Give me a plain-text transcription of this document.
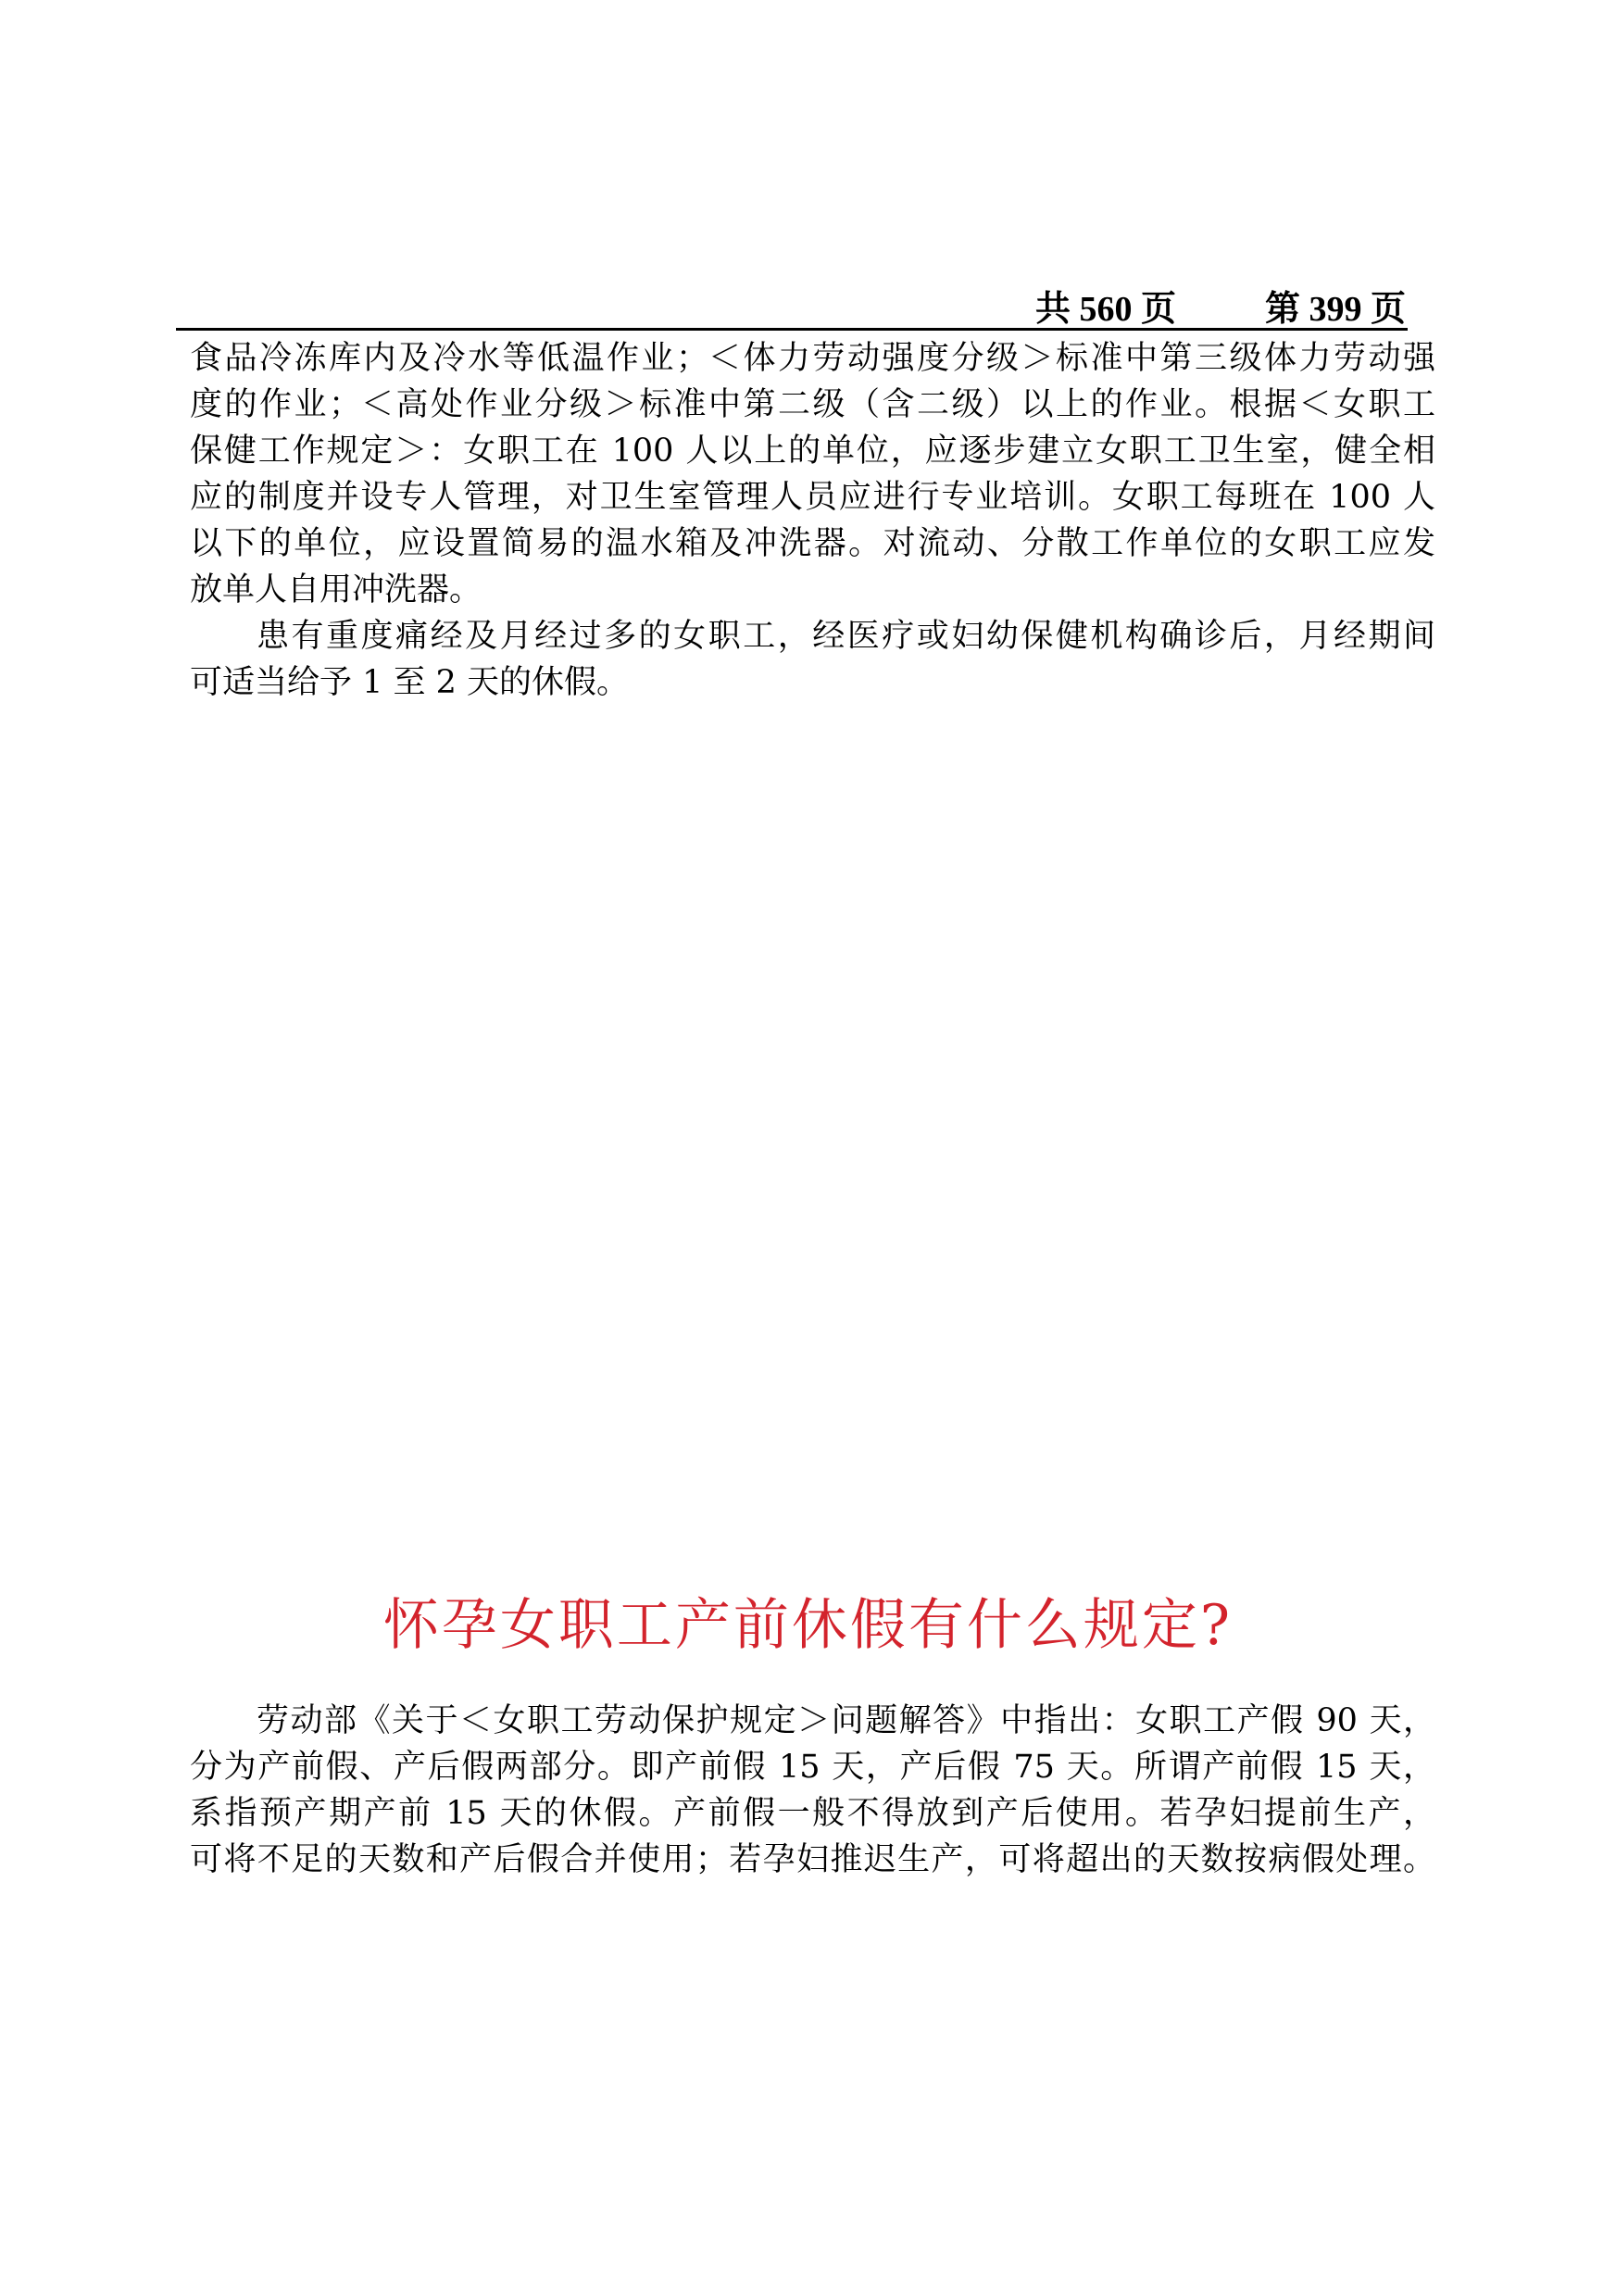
共 560 页	第 399 页
食品冷冻库内及冷水等低温作业；＜体力劳动强度分级＞标准中第三级体力劳动强
度的作业；＜高处作业分级＞标准中第二级（含二级）以上的作业。根据＜女职工
保健工作规定＞：女职工在 100 人以上的单位，应逐步建立女职工卫生室，健全相
应的制度并设专人管理，对卫生室管理人员应进行专业培训。女职工每班在 100 人
以下的单位，应设置简易的温水箱及冲洗器。对流动、分散工作单位的女职工应发
放单人自用冲洗器。
患有重度痛经及月经过多的女职工，经医疗或妇幼保健机构确诊后，月经期间
可适当给予 1 至 2 天的休假。
怀孕女职工产前休假有什么规定?
劳动部《关于＜女职工劳动保护规定＞问题解答》中指出：女职工产假 90 天，
分为产前假、产后假两部分。即产前假 15 天，产后假 75 天。所谓产前假 15 天，
系指预产期产前 15 天的休假。产前假一般不得放到产后使用。若孕妇提前生产，
可将不足的天数和产后假合并使用；若孕妇推迟生产，可将超出的天数按病假处理。
